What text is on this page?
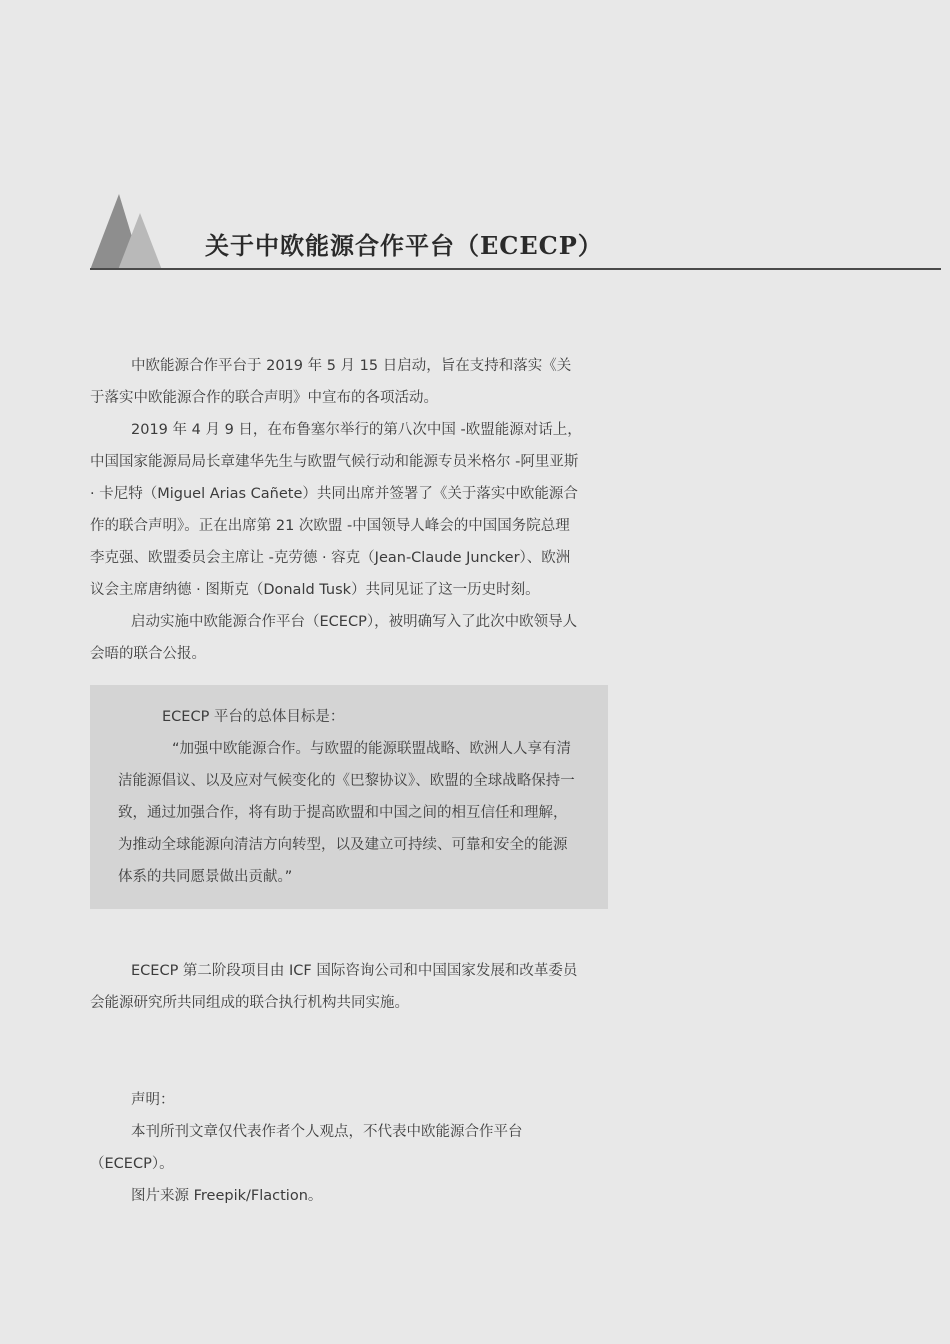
关于中欧能源合作平台（ECECP）

中欧能源合作平台于 2019 年 5 月 15 日启动，旨在支持和落实《关于落实中欧能源合作的联合声明》中宣布的各项活动。

2019 年 4 月 9 日，在布鲁塞尔举行的第八次中国 -欧盟能源对话上，中国国家能源局局长章建华先生与欧盟气候行动和能源专员米格尔 -阿里亚斯 · 卡尼特（Miguel Arias Cañete）共同出席并签署了《关于落实中欧能源合作的联合声明》。正在出席第 21 次欧盟 -中国领导人峰会的中国国务院总理李克强、欧盟委员会主席让 -克劳德 · 容克（Jean-Claude Juncker）、欧洲议会主席唐纳德 · 图斯克（Donald Tusk）共同见证了这一历史时刻。

启动实施中欧能源合作平台（ECECP），被明确写入了此次中欧领导人会晤的联合公报。

ECECP 平台的总体目标是：

“加强中欧能源合作。与欧盟的能源联盟战略、欧洲人人享有清洁能源倡议、以及应对气候变化的《巴黎协议》、欧盟的全球战略保持一致，通过加强合作，将有助于提高欧盟和中国之间的相互信任和理解，为推动全球能源向清洁方向转型，以及建立可持续、可靠和安全的能源体系的共同愿景做出贡献。”

ECECP 第二阶段项目由 ICF 国际咨询公司和中国国家发展和改革委员会能源研究所共同组成的联合执行机构共同实施。

声明：

本刊所刊文章仅代表作者个人观点，不代表中欧能源合作平台（ECECP）。

图片来源 Freepik/Flaction。
